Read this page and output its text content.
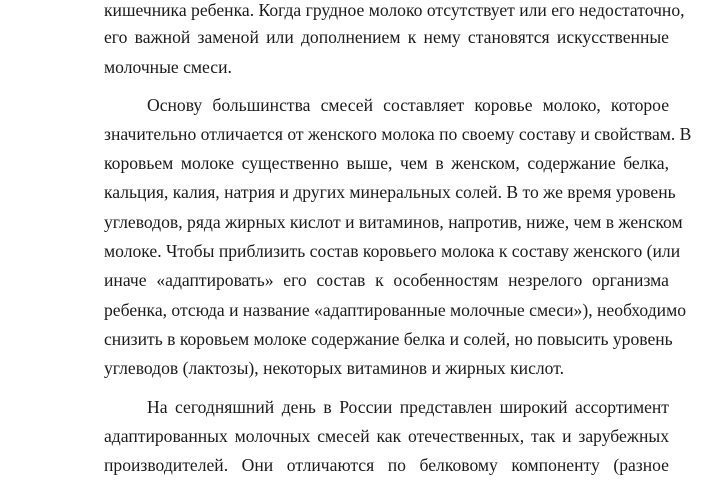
кишечника ребенка. Когда грудное молоко отсутствует или его недостаточно,
его важной заменой или дополнением к нему становятся искусственные
молочные смеси.
Основу большинства смесей составляет коровье молоко, которое
значительно отличается от женского молока по своему составу и свойствам. В
коровьем молоке существенно выше, чем в женском, содержание белка,
кальция, калия, натрия и других минеральных солей. В то же время уровень
углеводов, ряда жирных кислот и витаминов, напротив, ниже, чем в женском
молоке. Чтобы приблизить состав коровьего молока к составу женского (или
иначе «адаптировать» его состав к особенностям незрелого организма
ребенка, отсюда и название «адаптированные молочные смеси»), необходимо
снизить в коровьем молоке содержание белка и солей, но повысить уровень
углеводов (лактозы), некоторых витаминов и жирных кислот.
На сегодняшний день в России представлен широкий ассортимент
адаптированных молочных смесей как отечественных, так и зарубежных
производителей. Они отличаются по белковому компоненту (разное
